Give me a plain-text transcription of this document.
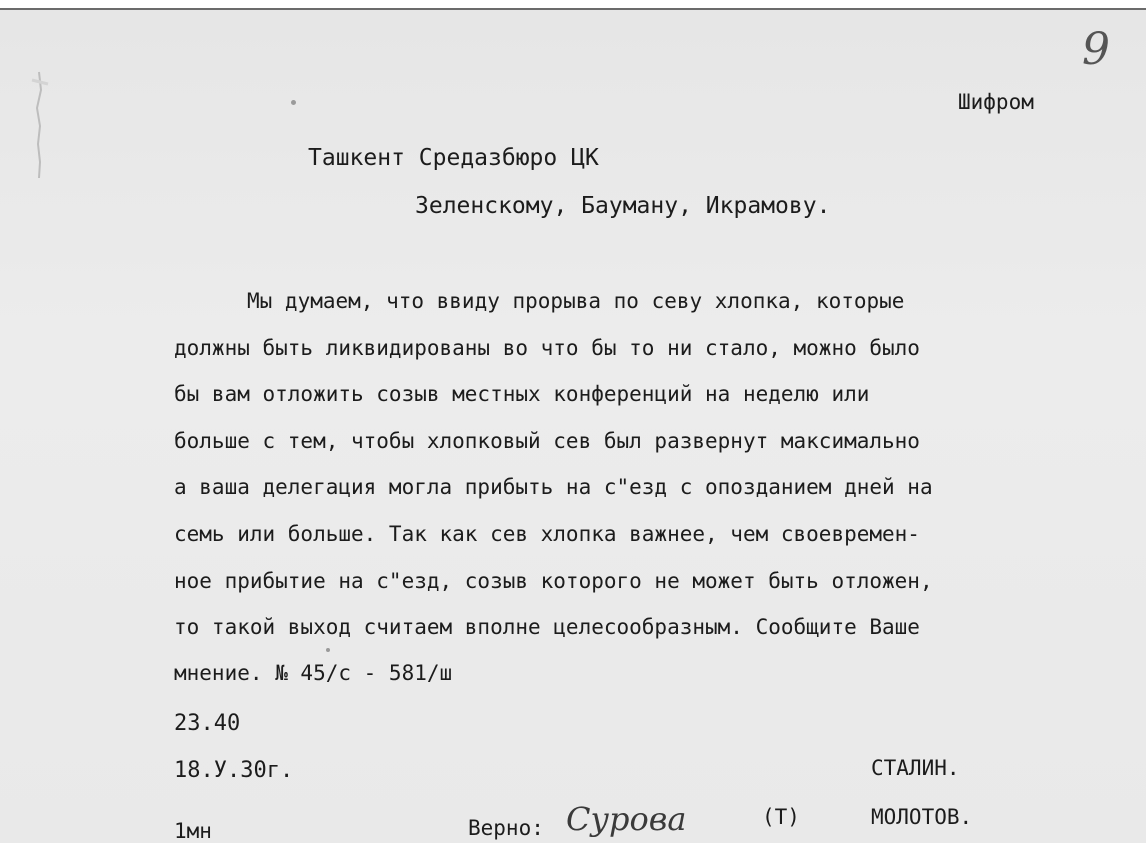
9
Шифром
Ташкент Средазбюро ЦК
Зеленскому, Бауману, Икрамову.
Мы думаем, что ввиду прорыва по севу хлопка, которые
должны быть ликвидированы во что бы то ни стало, можно было
бы вам отложить созыв местных конференций на неделю или
больше с тем, чтобы хлопковый сев был развернут максимально
а ваша делегация могла прибыть на с"езд с опозданием дней на
семь или больше. Так как сев хлопка важнее, чем своевремен-
ное прибытие на с"езд, созыв которого не может быть отложен,
то такой выход считаем вполне целесообразным. Сообщите Ваше
мнение. № 45/с - 581/ш
23.40
18.У.30г.	СТАЛИН.
1мн	Верно: Сурова	(Т)	МОЛОТОВ.
